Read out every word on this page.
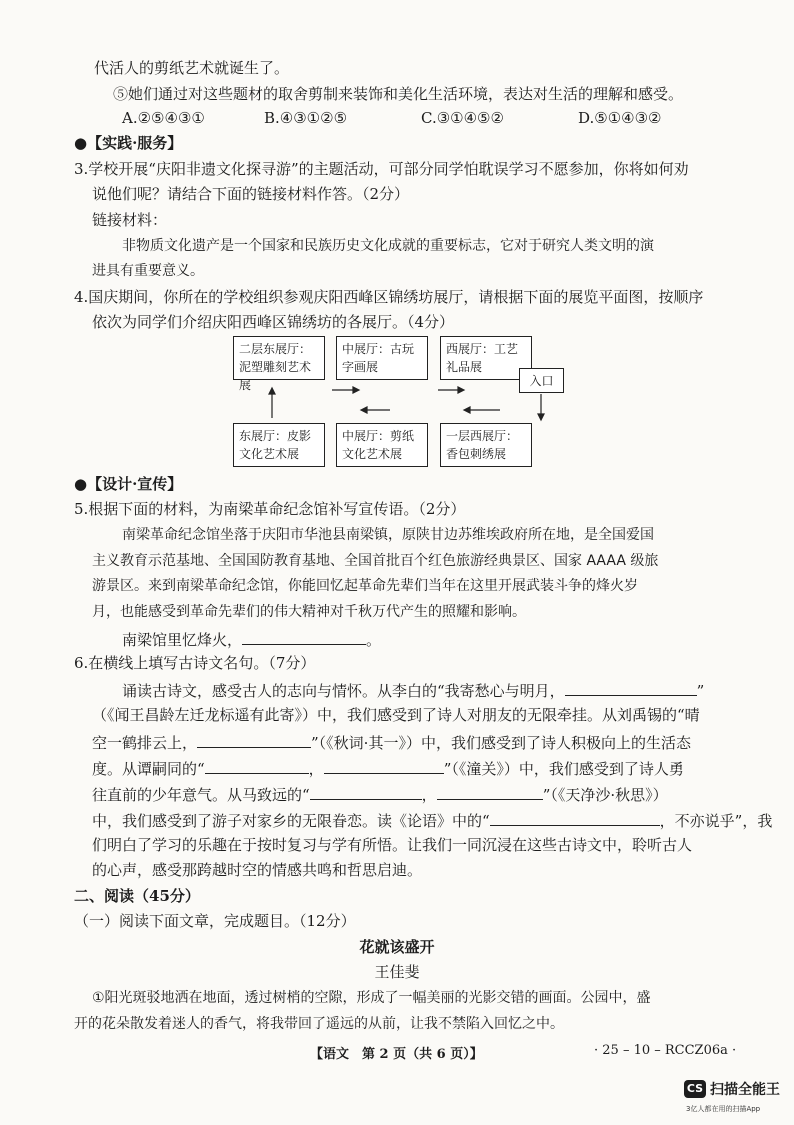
代活人的剪纸艺术就诞生了。
⑤她们通过对这些题材的取舍剪制来装饰和美化生活环境，表达对生活的理解和感受。
A.②⑤④③①	B.④③①②⑤	C.③①④⑤②	D.⑤①④③②
●【实践·服务】
3.学校开展“庆阳非遗文化探寻游”的主题活动，可部分同学怕耽误学习不愿参加，你将如何劝
说他们呢？请结合下面的链接材料作答。（2分）
链接材料：
非物质文化遗产是一个国家和民族历史文化成就的重要标志，它对于研究人类文明的演
进具有重要意义。
4.国庆期间，你所在的学校组织参观庆阳西峰区锦绣坊展厅，请根据下面的展览平面图，按顺序
依次为同学们介绍庆阳西峰区锦绣坊的各展厅。（4分）
二层东展厅：泥塑雕刻艺术展
中展厅：古玩字画展
西展厅：工艺礼品展
入口
东展厅：皮影文化艺术展
中展厅：剪纸文化艺术展
一层西展厅：香包刺绣展
●【设计·宣传】
5.根据下面的材料，为南梁革命纪念馆补写宣传语。（2分）
南梁革命纪念馆坐落于庆阳市华池县南梁镇，原陕甘边苏维埃政府所在地，是全国爱国
主义教育示范基地、全国国防教育基地、全国首批百个红色旅游经典景区、国家 AAAA 级旅
游景区。来到南梁革命纪念馆，你能回忆起革命先辈们当年在这里开展武装斗争的烽火岁
月，也能感受到革命先辈们的伟大精神对千秋万代产生的照耀和影响。
南梁馆里忆烽火，	。
6.在横线上填写古诗文名句。（7分）
诵读古诗文，感受古人的志向与情怀。从李白的“我寄愁心与明月，	”
（《闻王昌龄左迁龙标遥有此寄》）中，我们感受到了诗人对朋友的无限牵挂。从刘禹锡的“晴
空一鹤排云上，	”（《秋词·其一》）中，我们感受到了诗人积极向上的生活态
度。从谭嗣同的“	，	”（《潼关》）中，我们感受到了诗人勇
往直前的少年意气。从马致远的“	，	”（《天净沙·秋思》）
中，我们感受到了游子对家乡的无限眷恋。读《论语》中的“	，不亦说乎”，我
们明白了学习的乐趣在于按时复习与学有所悟。让我们一同沉浸在这些古诗文中，聆听古人
的心声，感受那跨越时空的情感共鸣和哲思启迪。
二、阅读（45分）
（一）阅读下面文章，完成题目。（12分）
花就该盛开
王佳斐
①阳光斑驳地洒在地面，透过树梢的空隙，形成了一幅美丽的光影交错的画面。公园中，盛
开的花朵散发着迷人的香气，将我带回了遥远的从前，让我不禁陷入回忆之中。
【语文　第 2 页（共 6 页）】	· 25 – 10 – RCCZ06a ·
CS 扫描全能王
3亿人都在用的扫描App
